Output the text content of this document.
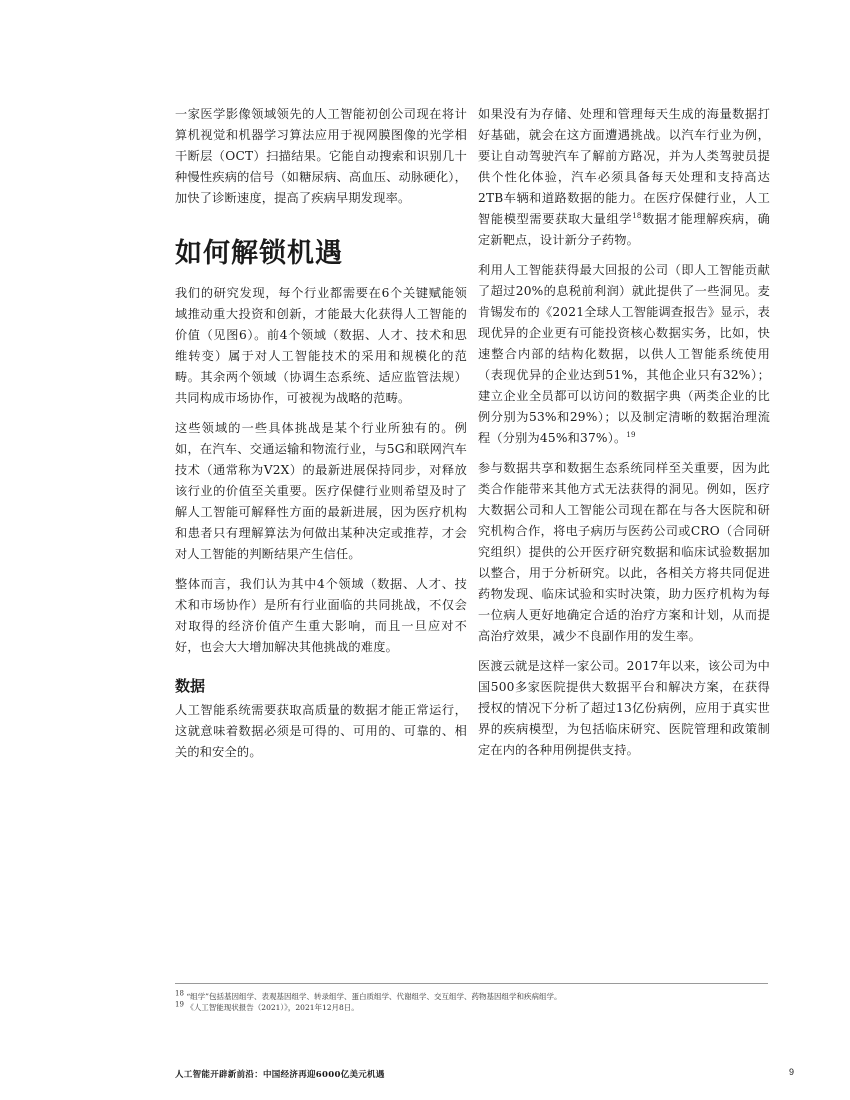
一家医学影像领域领先的人工智能初创公司现在将计算机视觉和机器学习算法应用于视网膜图像的光学相干断层（OCT）扫描结果。它能自动搜索和识别几十种慢性疾病的信号（如糖尿病、高血压、动脉硬化），加快了诊断速度，提高了疾病早期发现率。

如何解锁机遇

我们的研究发现，每个行业都需要在6个关键赋能领域推动重大投资和创新，才能最大化获得人工智能的价值（见图6）。前4个领域（数据、人才、技术和思维转变）属于对人工智能技术的采用和规模化的范畴。其余两个领域（协调生态系统、适应监管法规）共同构成市场协作，可被视为战略的范畴。

这些领域的一些具体挑战是某个行业所独有的。例如，在汽车、交通运输和物流行业，与5G和联网汽车技术（通常称为V2X）的最新进展保持同步，对释放该行业的价值至关重要。医疗保健行业则希望及时了解人工智能可解释性方面的最新进展，因为医疗机构和患者只有理解算法为何做出某种决定或推荐，才会对人工智能的判断结果产生信任。

整体而言，我们认为其中4个领域（数据、人才、技术和市场协作）是所有行业面临的共同挑战，不仅会对取得的经济价值产生重大影响，而且一旦应对不好，也会大大增加解决其他挑战的难度。

数据

人工智能系统需要获取高质量的数据才能正常运行，这就意味着数据必须是可得的、可用的、可靠的、相关的和安全的。

如果没有为存储、处理和管理每天生成的海量数据打好基础，就会在这方面遭遇挑战。以汽车行业为例，要让自动驾驶汽车了解前方路况，并为人类驾驶员提供个性化体验，汽车必须具备每天处理和支持高达2TB车辆和道路数据的能力。在医疗保健行业，人工智能模型需要获取大量组学$^{18}$数据才能理解疾病，确定新靶点，设计新分子药物。

利用人工智能获得最大回报的公司（即人工智能贡献了超过20%的息税前利润）就此提供了一些洞见。麦肯锡发布的《2021全球人工智能调查报告》显示，表现优异的企业更有可能投资核心数据实务，比如，快速整合内部的结构化数据，以供人工智能系统使用（表现优异的企业达到51%，其他企业只有32%）；建立企业全员都可以访问的数据字典（两类企业的比例分别为53%和29%）；以及制定清晰的数据治理流程（分别为45%和37%）。$^{19}$

参与数据共享和数据生态系统同样至关重要，因为此类合作能带来其他方式无法获得的洞见。例如，医疗大数据公司和人工智能公司现在都在与各大医院和研究机构合作，将电子病历与医药公司或CRO（合同研究组织）提供的公开医疗研究数据和临床试验数据加以整合，用于分析研究。以此，各相关方将共同促进药物发现、临床试验和实时决策，助力医疗机构为每一位病人更好地确定合适的治疗方案和计划，从而提高治疗效果，减少不良副作用的发生率。

医渡云就是这样一家公司。2017年以来，该公司为中国500多家医院提供大数据平台和解决方案，在获得授权的情况下分析了超过13亿份病例，应用于真实世界的疾病模型，为包括临床研究、医院管理和政策制定在内的各种用例提供支持。

$^{18}$ “组学”包括基因组学、表观基因组学、转录组学、蛋白质组学、代谢组学、交互组学、药物基因组学和疾病组学。
$^{19}$ 《人工智能现状报告（2021）》，2021年12月8日。
人工智能开辟新前沿：中国经济再迎6000亿美元机遇	9
